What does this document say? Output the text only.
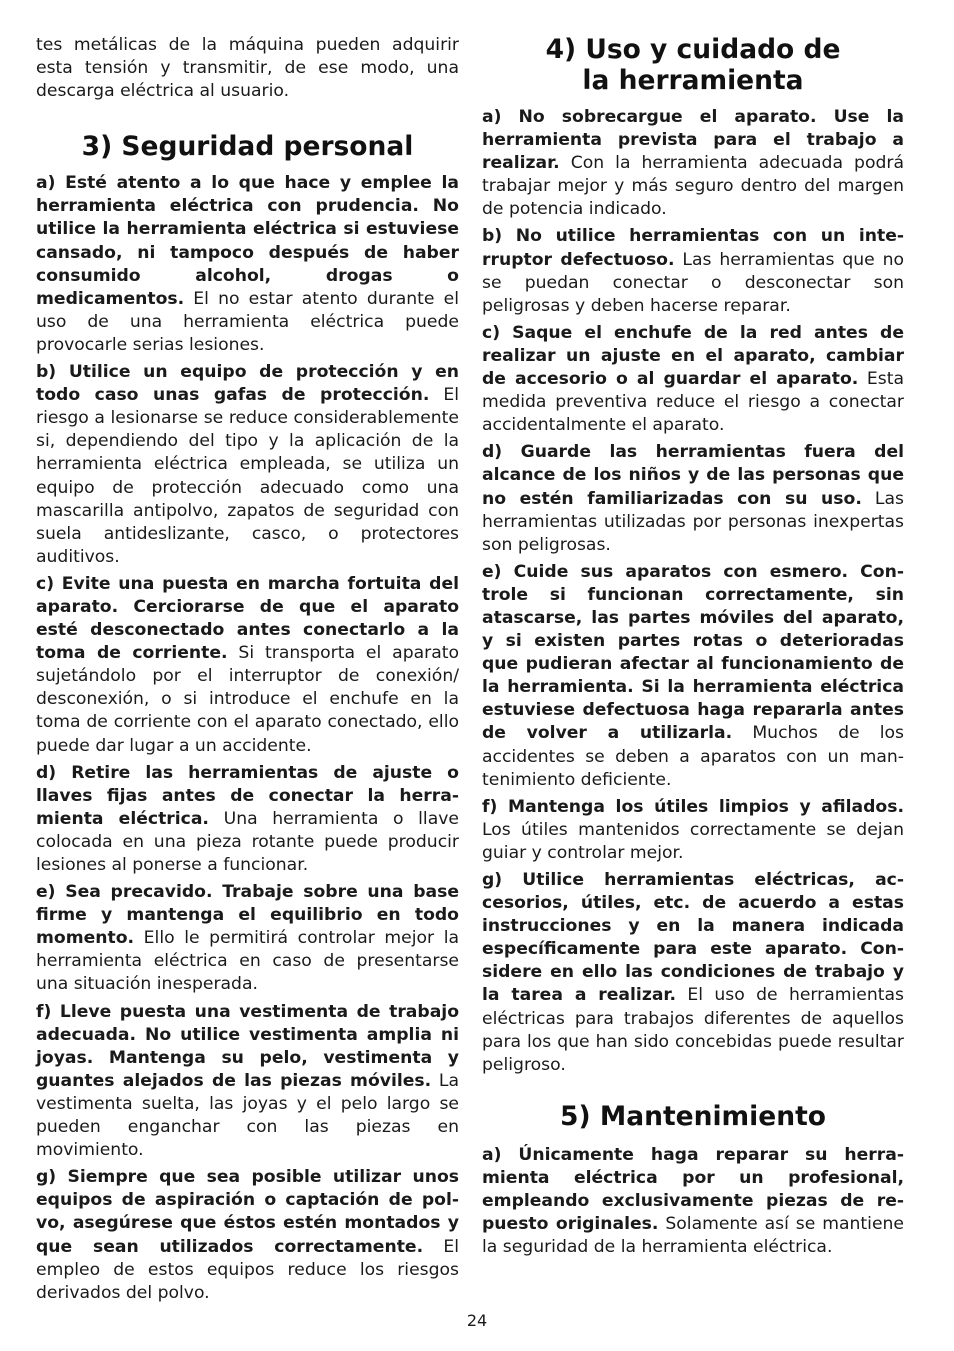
tes metálicas de la máquina pueden adquirir esta tensión y transmitir, de ese modo, una descarga eléctrica al usuario.

3) Seguridad personal

a) Esté atento a lo que hace y emplee la herramienta eléctrica con prudencia. No utilice la herramienta eléctrica si estuviese cansado, ni tampoco después de haber consumido alcohol, drogas o medicamentos. El no estar atento durante el uso de una herramienta eléctrica puede provocarle serias lesiones.

b) Utilice un equipo de protección y en todo caso unas gafas de protección. El riesgo a lesionarse se reduce considerablemente si, dependiendo del tipo y la aplicación de la herramienta eléctrica empleada, se utiliza un equipo de protección adecuado como una mascarilla antipolvo, zapatos de seguridad con suela antideslizante, casco, o protectores auditivos.

c) Evite una puesta en marcha fortuita del aparato. Cerciorarse de que el aparato esté desconectado antes conectarlo a la toma de corriente. Si transporta el aparato sujetándolo por el interruptor de conexión/ desconexión, o si introduce el enchufe en la toma de corriente con el aparato conectado, ello puede dar lugar a un accidente.

d) Retire las herramientas de ajuste o llaves fijas antes de conectar la herramienta eléctrica. Una herramienta o llave colocada en una pieza rotante puede producir lesiones al ponerse a funcionar.

e) Sea precavido. Trabaje sobre una base firme y mantenga el equilibrio en todo momento. Ello le permitirá controlar mejor la herramienta eléctrica en caso de presentarse una situación inesperada.

f) Lleve puesta una vestimenta de trabajo adecuada. No utilice vestimenta amplia ni joyas. Mantenga su pelo, vestimenta y guantes alejados de las piezas móviles. La vestimenta suelta, las joyas y el pelo largo se pueden enganchar con las piezas en movimiento.

g) Siempre que sea posible utilizar unos equipos de aspiración o captación de polvo, asegúrese que éstos estén montados y que sean utilizados correctamente. El empleo de estos equipos reduce los riesgos derivados del polvo.

4) Uso y cuidado de
la herramienta

a) No sobrecargue el aparato. Use la herramienta prevista para el trabajo a realizar. Con la herramienta adecuada podrá trabajar mejor y más seguro dentro del margen de potencia indicado.

b) No utilice herramientas con un interruptor defectuoso. Las herramientas que no se puedan conectar o desconectar son peligrosas y deben hacerse reparar.

c) Saque el enchufe de la red antes de realizar un ajuste en el aparato, cambiar de accesorio o al guardar el aparato. Esta medida preventiva reduce el riesgo a conectar accidentalmente el aparato.

d) Guarde las herramientas fuera del alcance de los niños y de las personas que no estén familiarizadas con su uso. Las herramientas utilizadas por personas inexpertas son peligrosas.

e) Cuide sus aparatos con esmero. Controle si funcionan correctamente, sin atascarse, las partes móviles del aparato, y si existen partes rotas o deterioradas que pudieran afectar al funcionamiento de la herramienta. Si la herramienta eléctrica estuviese defectuosa haga repararla antes de volver a utilizarla. Muchos de los accidentes se deben a aparatos con un mantenimiento deficiente.

f) Mantenga los útiles limpios y afilados. Los útiles mantenidos correctamente se dejan guiar y controlar mejor.

g) Utilice herramientas eléctricas, accesorios, útiles, etc. de acuerdo a estas instrucciones y en la manera indicada específicamente para este aparato. Considere en ello las condiciones de trabajo y la tarea a realizar. El uso de herramientas eléctricas para trabajos diferentes de aquellos para los que han sido concebidas puede resultar peligroso.

5) Mantenimiento

a) Únicamente haga reparar su herramienta eléctrica por un profesional, empleando exclusivamente piezas de repuesto originales. Solamente así se mantiene la seguridad de la herramienta eléctrica.

24
